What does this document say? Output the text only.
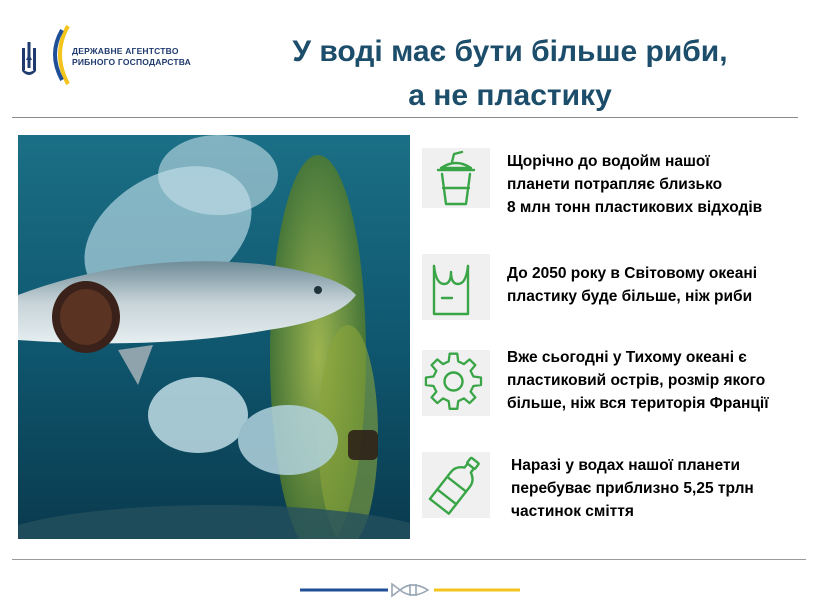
ДЕРЖАВНЕ АГЕНТСТВО
РИБНОГО ГОСПОДАРСТВА	У воді має бути більше риби,
а не пластику
Щорічно до водойм нашої
планети потрапляє близько
8 млн тонн пластикових відходів
До 2050 року в Світовому океані
пластику буде більше, ніж риби
Вже сьогодні у Тихому океані є
пластиковий острів, розмір якого
більше, ніж вся територія Франції
Наразі у водах нашої планети
перебуває приблизно 5,25 трлн
частинок сміття
